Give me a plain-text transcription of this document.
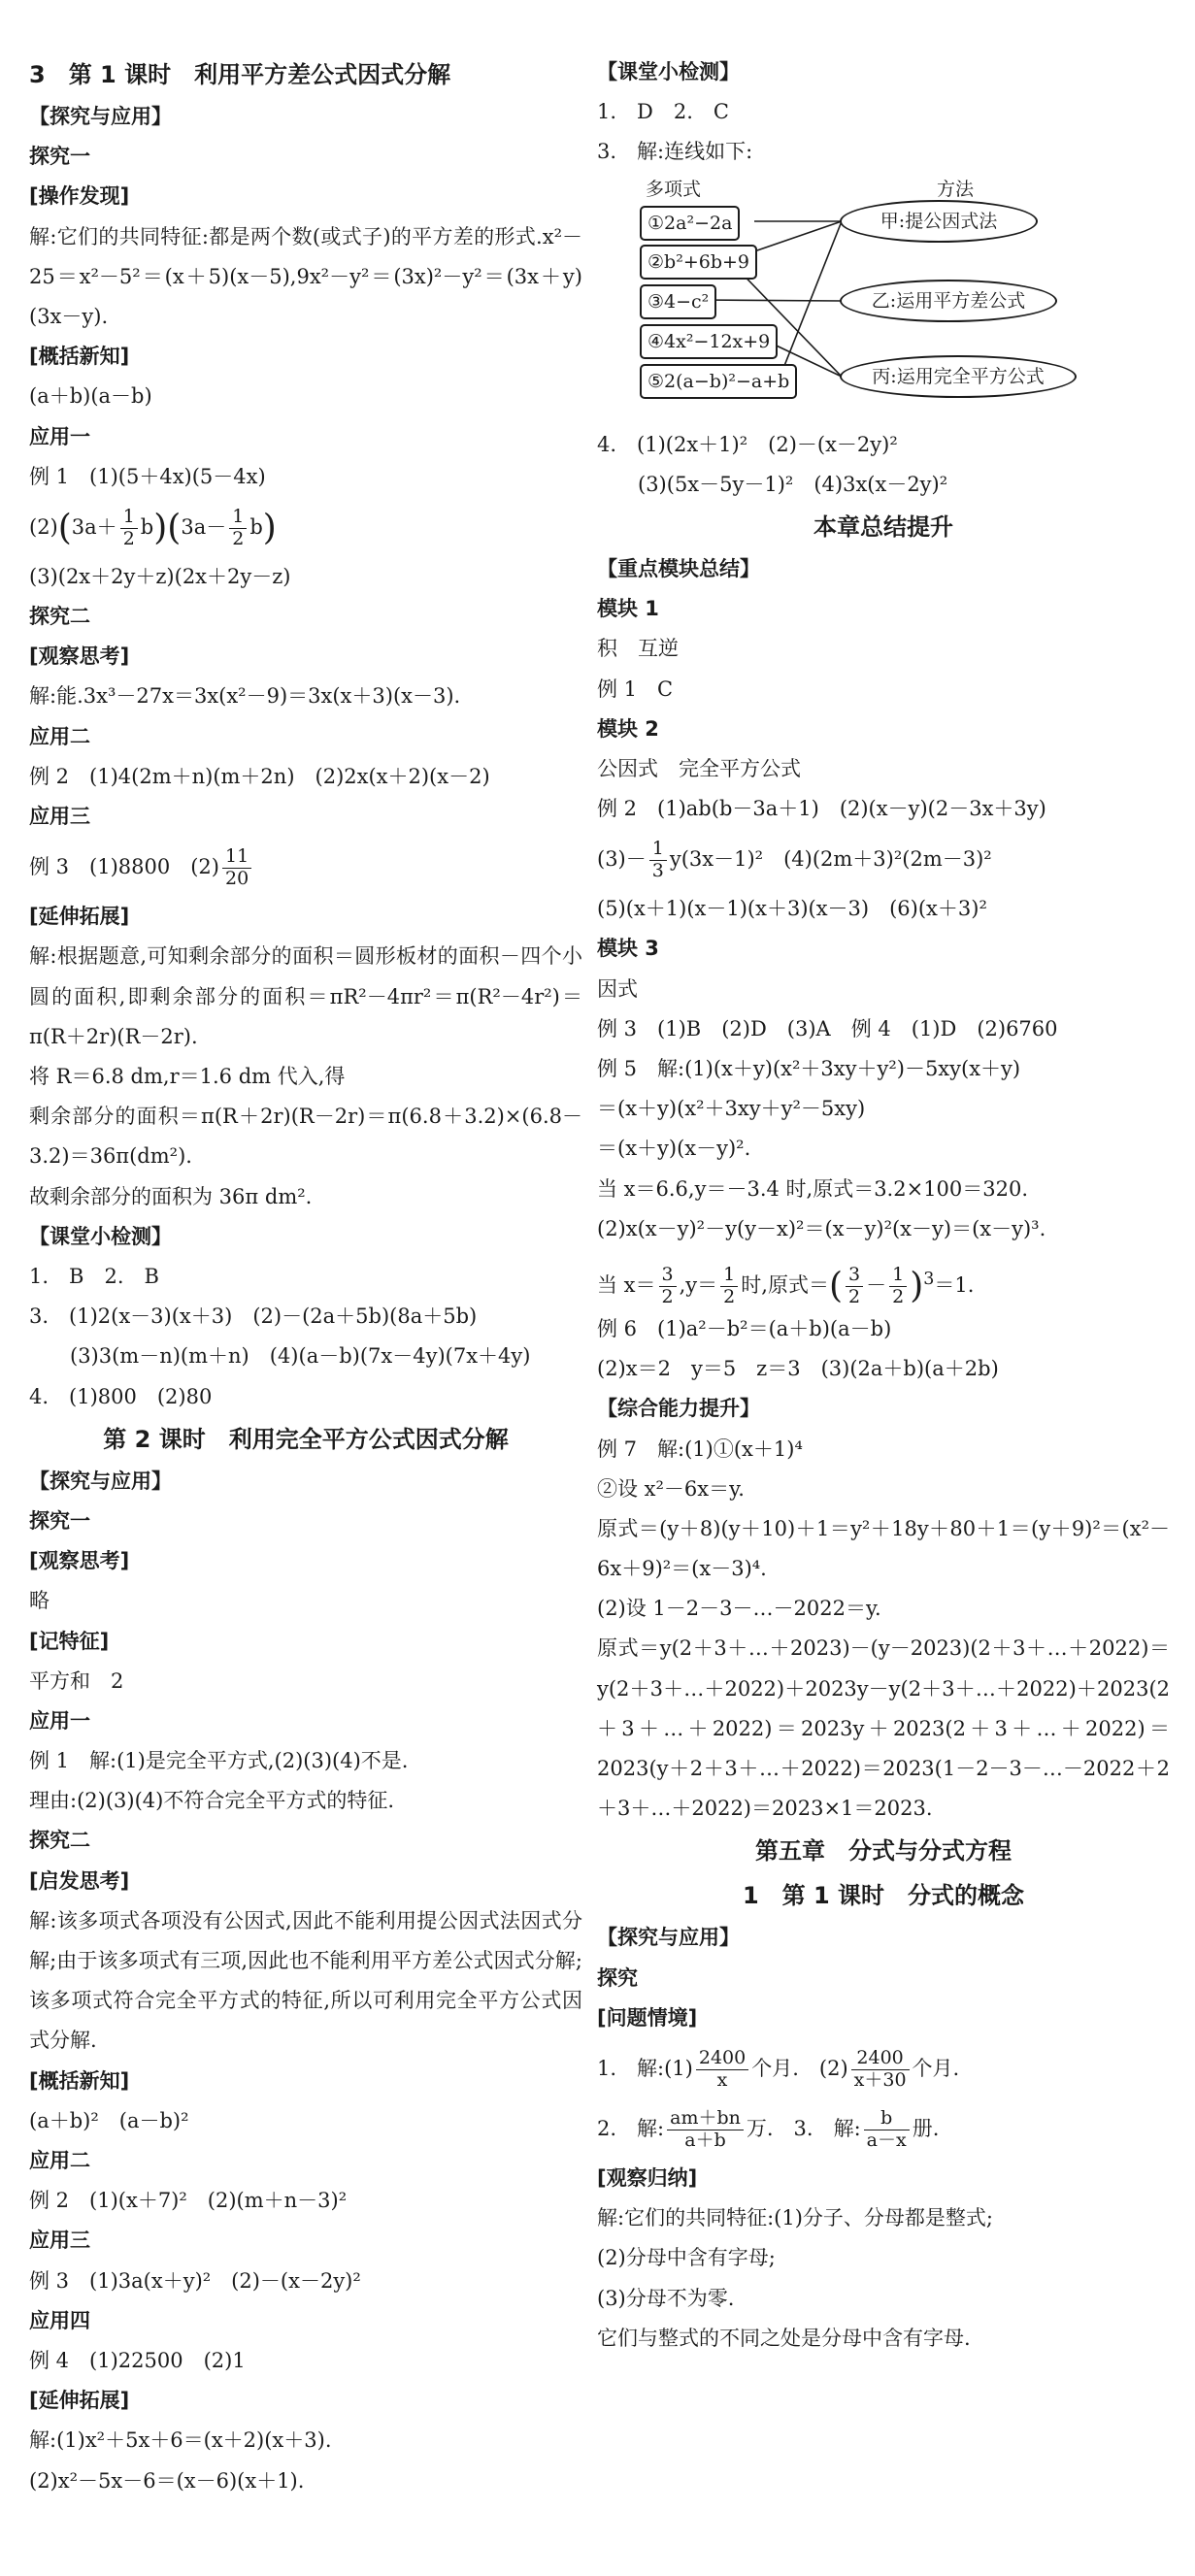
3　第 1 课时　利用平方差公式因式分解
【探究与应用】
探究一
[操作发现]
解:它们的共同特征:都是两个数(或式子)的平方差的形式.x²－25＝x²－5²＝(x＋5)(x－5),9x²－y²＝(3x)²－y²＝(3x＋y)(3x－y).
[概括新知]
(a＋b)(a－b)
应用一
例 1　(1)(5＋4x)(5－4x)
$(2)(3a+ \frac{1}{2} b)(3a- \frac{1}{2} b)$
(3)(2x＋2y＋z)(2x＋2y－z)
探究二
[观察思考]
解:能.3x³－27x＝3x(x²－9)＝3x(x＋3)(x－3).
应用二
例 2　(1)4(2m＋n)(m＋2n)　(2)2x(x＋2)(x－2)
应用三
例 3　(1)8800　$(2) \frac{11}{20}$
[延伸拓展]
解:根据题意,可知剩余部分的面积＝圆形板材的面积－四个小圆的面积,即剩余部分的面积＝πR²－4πr²＝π(R²－4r²)＝π(R＋2r)(R－2r).
将 R＝6.8 dm,r＝1.6 dm 代入,得
剩余部分的面积＝π(R＋2r)(R－2r)＝π(6.8＋3.2)×(6.8－3.2)＝36π(dm²).
故剩余部分的面积为 36π dm².
【课堂小检测】
1.　B　2.　B
3.　(1)2(x－3)(x＋3)　(2)－(2a＋5b)(8a＋5b)
　　(3)3(m－n)(m＋n)　(4)(a－b)(7x－4y)(7x＋4y)
4.　(1)800　(2)80
第 2 课时　利用完全平方公式因式分解
【探究与应用】
探究一
[观察思考]
略
[记特征]
平方和　2
应用一
例 1　解:(1)是完全平方式,(2)(3)(4)不是.
理由:(2)(3)(4)不符合完全平方式的特征.
探究二
[启发思考]
解:该多项式各项没有公因式,因此不能利用提公因式法因式分解;由于该多项式有三项,因此也不能利用平方差公式因式分解;该多项式符合完全平方式的特征,所以可利用完全平方公式因式分解.
[概括新知]
(a＋b)²　(a－b)²
应用二
例 2　(1)(x＋7)²　(2)(m＋n－3)²
应用三
例 3　(1)3a(x＋y)²　(2)－(x－2y)²
应用四
例 4　(1)22500　(2)1
[延伸拓展]
解:(1)x²＋5x＋6＝(x＋2)(x＋3).
(2)x²－5x－6＝(x－6)(x＋1).
【课堂小检测】
1.　D　2.　C
3.　解:连线如下:
多项式	方法
①2a²−2a
②b²+6b+9
③4−c²
④4x²−12x+9
⑤2(a−b)²−a+b
甲:提公因式法
乙:运用平方差公式
丙:运用完全平方公式
4.　(1)(2x＋1)²　(2)－(x－2y)²
　　(3)(5x－5y－1)²　(4)3x(x－2y)²
本章总结提升
【重点模块总结】
模块 1
积　互逆
例 1　C
模块 2
公因式　完全平方公式
例 2　(1)ab(b－3a＋1)　(2)(x－y)(2－3x＋3y)
$(3)- \frac{1}{3} y(3x-1)^2$　(4)(2m＋3)²(2m－3)²
(5)(x＋1)(x－1)(x＋3)(x－3)　(6)(x＋3)²
模块 3
因式
例 3　(1)B　(2)D　(3)A　例 4　(1)D　(2)6760
例 5　解:(1)(x＋y)(x²＋3xy＋y²)－5xy(x＋y)
＝(x＋y)(x²＋3xy＋y²－5xy)
＝(x＋y)(x－y)².
当 x＝6.6,y＝－3.4 时,原式＝3.2×100＝320.
(2)x(x－y)²－y(y－x)²＝(x－y)²(x－y)＝(x－y)³.
当 $x= \frac{3}{2} ,y= \frac{1}{2}$ 时,原式＝( $\frac{3}{2} - \frac{1}{2} )^3=1$.
例 6　(1)a²－b²＝(a＋b)(a－b)
(2)x＝2　y＝5　z＝3　(3)(2a＋b)(a＋2b)
【综合能力提升】
例 7　解:(1)①(x＋1)⁴
②设 x²－6x＝y.
原式＝(y＋8)(y＋10)＋1＝y²＋18y＋80＋1＝(y＋9)²＝(x²－6x＋9)²＝(x－3)⁴.
(2)设 1－2－3－…－2022＝y.
原式＝y(2＋3＋…＋2023)－(y－2023)(2＋3＋…＋2022)＝y(2＋3＋…＋2022)＋2023y－y(2＋3＋…＋2022)＋2023(2＋3＋…＋2022)＝2023y＋2023(2＋3＋…＋2022)＝2023(y＋2＋3＋…＋2022)＝2023(1－2－3－…－2022＋2＋3＋…＋2022)＝2023×1＝2023.
第五章　分式与分式方程
1　第 1 课时　分式的概念
【探究与应用】
探究
[问题情境]
1.　解:(1) $\frac{2400}{x}$ 个月.　$(2) \frac{2400}{x+30}$ 个月.
2.　解: $\frac{am+bn}{a+b}$ 万.　3.　解: $\frac{b}{a-x}$ 册.
[观察归纳]
解:它们的共同特征:(1)分子、分母都是整式;
(2)分母中含有字母;
(3)分母不为零.
它们与整式的不同之处是分母中含有字母.
